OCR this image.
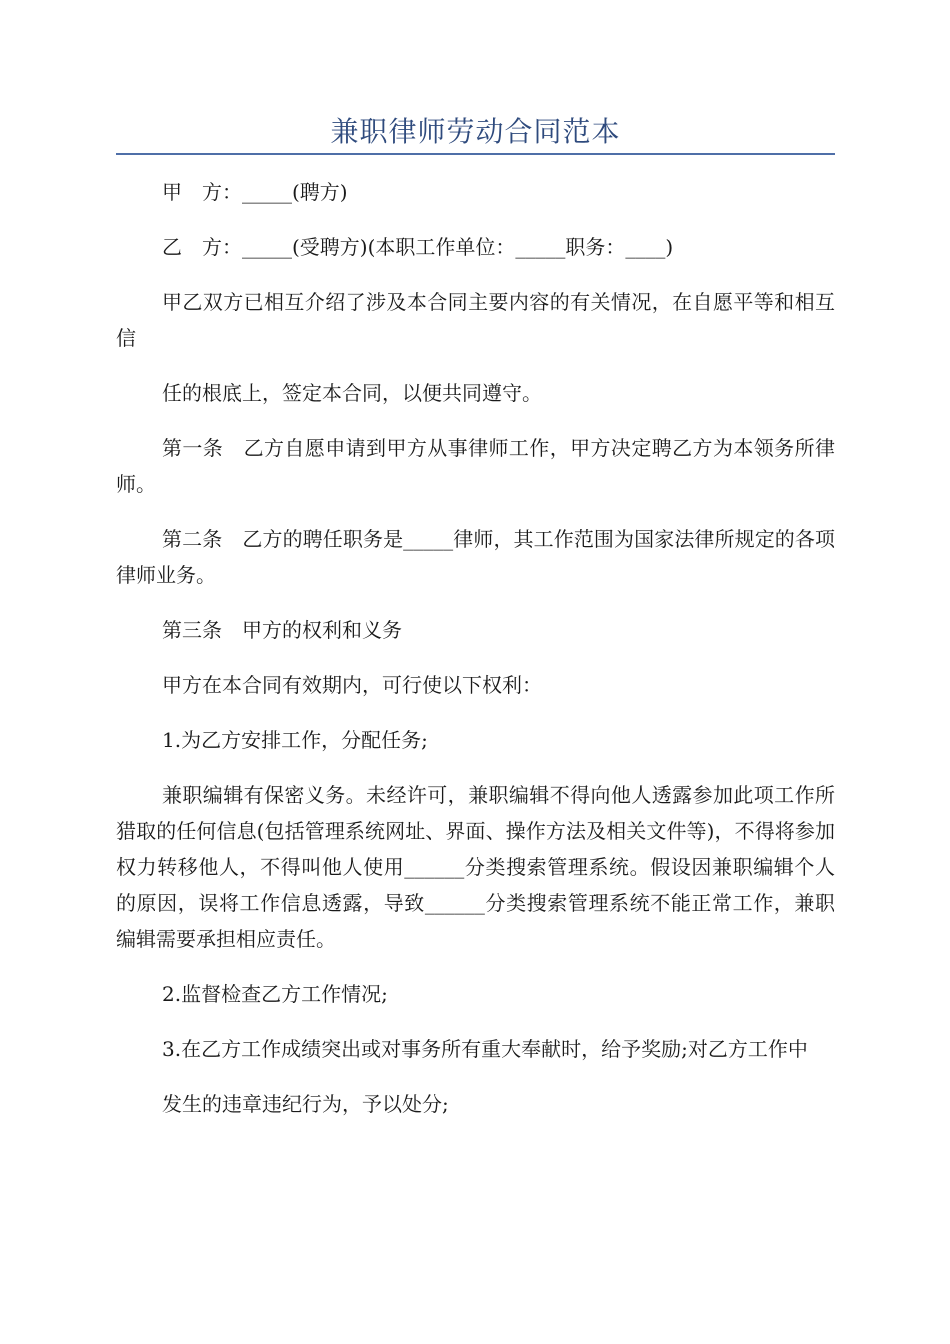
兼职律师劳动合同范本

甲　方：_____(聘方)

乙　方：_____(受聘方)(本职工作单位：_____职务：____)

甲乙双方已相互介绍了涉及本合同主要内容的有关情况，在自愿平等和相互信

任的根底上，签定本合同，以便共同遵守。

第一条　乙方自愿申请到甲方从事律师工作，甲方决定聘乙方为本领务所律师。

第二条　乙方的聘任职务是_____律师，其工作范围为国家法律所规定的各项律师业务。

第三条　甲方的权利和义务

甲方在本合同有效期内，可行使以下权利：

1.为乙方安排工作，分配任务;

兼职编辑有保密义务。未经许可，兼职编辑不得向他人透露参加此项工作所猎取的任何信息(包括管理系统网址、界面、操作方法及相关文件等)，不得将参加权力转移他人，不得叫他人使用______分类搜索管理系统。假设因兼职编辑个人的原因，误将工作信息透露，导致______分类搜索管理系统不能正常工作，兼职编辑需要承担相应责任。

2.监督检查乙方工作情况;

3.在乙方工作成绩突出或对事务所有重大奉献时，给予奖励;对乙方工作中

发生的违章违纪行为，予以处分;
